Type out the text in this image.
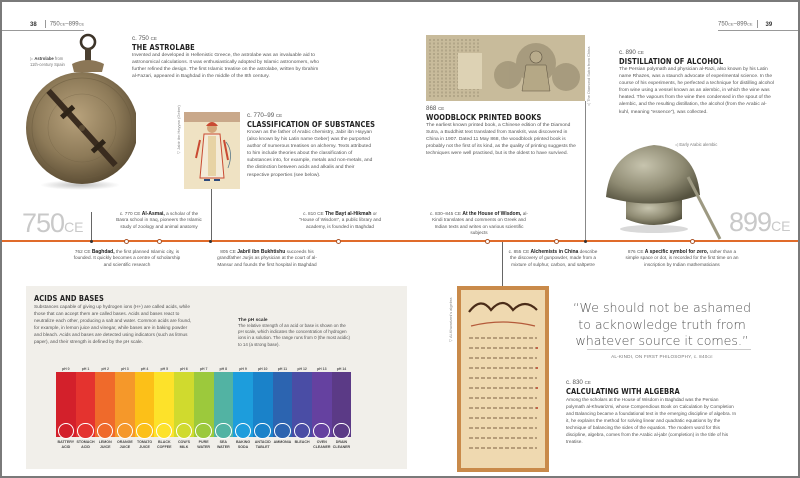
38 750CE–899CE	750CE–899CE 39
▷ Astrolabe from 11th-century Spain
c. 750 CE
THE ASTROLABE
Invented and developed in Hellenistic Greece, the astrolabe was an invaluable aid to astronomical calculations. It was enthusiastically adopted by Islamic astronomers, who further refined the design. The first Islamic treatise on the astrolabe, written by Ibrahim al-Fazari, appeared in Baghdad in the middle of the 8th century.
▽ Jabir ibn Hayyan (Geber)	c. 770–99 CE
CLASSIFICATION OF SUBSTANCES
Known as the father of Arabic chemistry, Jabir ibn Hayyan (also known by his Latin name Geber) was the purported author of numerous treatises on alchemy. Texts attributed to him include theories about the classification of substances into, for example, metals and non-metals, and the distinction between acids and alkalis and their respective properties (see below).
◁ The Diamond Sutra from China
868 CE
WOODBLOCK PRINTED BOOKS
The earliest known printed book, a Chinese edition of the Diamond Sutra, a Buddhist text translated from Sanskrit, was discovered in China in 1907. Dated 11 May 868, the woodblock printed book is probably not the first of its kind, as the quality of printing suggests the techniques were well practised, but is the oldest to have survived.
c. 890 CE
DISTILLATION OF ALCOHOL
The Persian polymath and physician al-Razi, also known by his Latin name Rhazes, was a staunch advocate of experimental science. In the course of his experiments, he perfected a technique for distilling alcohol from wine using a vessel known as an alembic, in which the wine was heated. The vapours from the wine then condensed in the spout of the alembic, and the resulting distillation, the alcohol (from the Arabic al-kuhl, meaning "essence"), was collected.
◁ Early Arabic alembic
750CE	899CE
c. 770 CE Al-Asmai, a scholar of the Basra school in Iraq, pioneers the Islamic study of zoology and animal anatomy
c. 810 CE The Bayt al-Hikmah or "House of Wisdom", a public library and academy, is founded in Baghdad
c. 830–845 CE At the House of Wisdom, al-Kindi translates and comments on Greek and Indian texts and writes on various scientific subjects
762 CE Baghdad, the first planned Islamic city, is founded. It quickly becomes a centre of scholarship and scientific research
805 CE Jabril ibn Bukhtishu succeeds his grandfather Jurjis as physician at the court of al-Mansur and founds the first hospital in Baghdad
c. 855 CE Alchemists in China describe the discovery of gunpowder, made from a mixture of sulphur, carbon, and saltpetre
876 CE A specific symbol for zero, rather than a simple space or dot, is recorded for the first time on an inscription by Indian mathematicians
ACIDS AND BASES
Substances capable of giving up hydrogen ions (H+) are called acids, while those that can accept them are called bases. Acids and bases react to neutralize each other, producing a salt and water. Common acids are found, for example, in lemon juice and vinegar, while bases are in baking powder and bleach. Acids and bases are detected using indicators (such as litmus paper), and their strength is defined by the pH scale.
The pH scale
The relative strength of an acid or base is shown on the pH scale, which indicates the concentration of hydrogen ions in a solution. The range runs from 0 (the most acidic) to 14 (a strong base).
pH 0	pH 1	pH 2	pH 3	pH 4	pH 5	pH 6	pH 7	pH 8	pH 9	pH 10	pH 11	pH 12	pH 13	pH 14
BATTERY ACID
STOMACH ACID
LEMON JUICE
ORANGE JUICE
TOMATO JUICE
BLACK COFFEE
COW'S MILK
PURE WATER
SEA WATER
BAKING SODA
ANTACID TABLET
AMMONIA BLEACH	OVEN CLEANER
DRAIN CLEANER
▽ Al-Khwarizmi's algebra	“We should not be ashamed to acknowledge truth from whatever source it comes.”
AL-KINDI, ON FIRST PHILOSOPHY, c. 840CE
c. 830 CE
CALCULATING WITH ALGEBRA
Among the scholars at the House of Wisdom in Baghdad was the Persian polymath al-Khwarizmi, whose Compendious Book on Calculation by Completion and Balancing became a foundational text in the emerging discipline of algebra. In it, he explains the method for solving linear and quadratic equations by the technique of balancing the sides of the equation. The modern word for this discipline, algebra, comes from the Arabic al-jabr (completion) in the title of his treatise.
